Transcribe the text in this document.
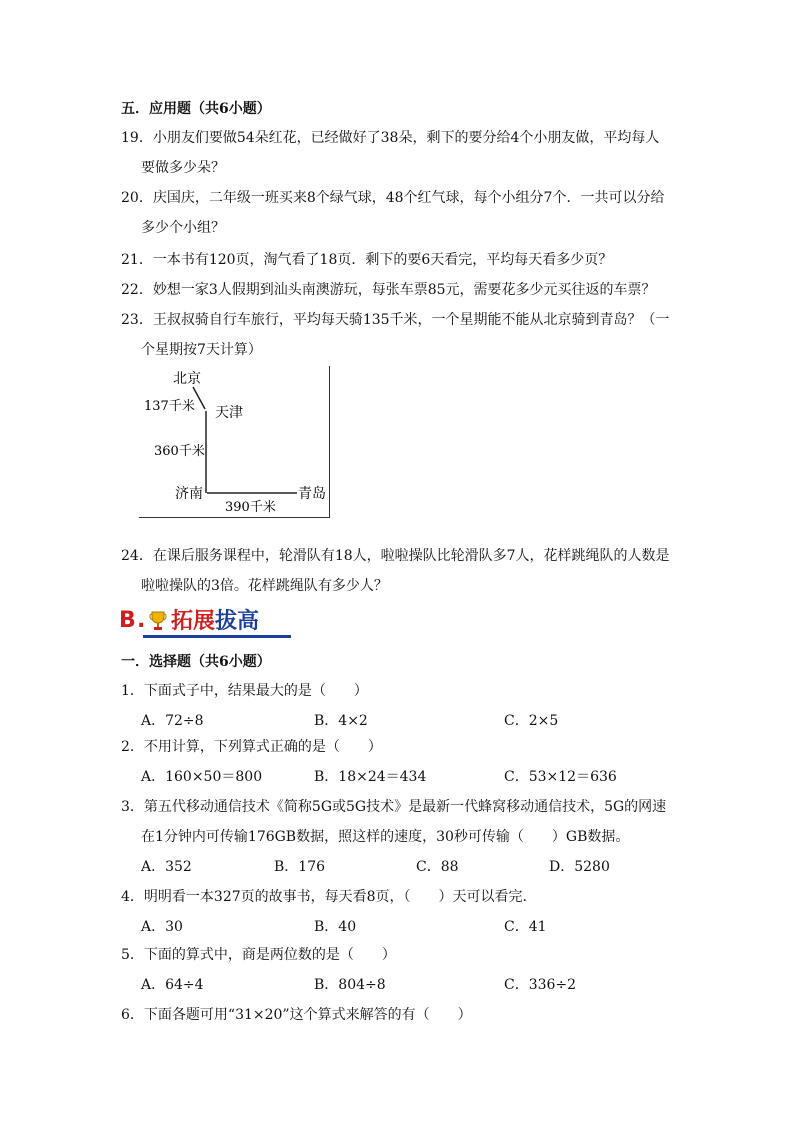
五．应用题（共6小题）
19．小朋友们要做54朵红花，已经做好了38朵，剩下的要分给4个小朋友做，平均每人
要做多少朵？
20．庆国庆，二年级一班买来8个绿气球，48个红气球，每个小组分7个．一共可以分给
多少个小组？
21．一本书有120页，淘气看了18页．剩下的要6天看完，平均每天看多少页？
22．妙想一家3人假期到汕头南澳游玩，每张车票85元，需要花多少元买往返的车票？
23．王叔叔骑自行车旅行，平均每天骑135千米，一个星期能不能从北京骑到青岛？（一
个星期按7天计算）
北京
天津
济南	青岛
137千米
360千米
390千米
24．在课后服务课程中，轮滑队有18人，啦啦操队比轮滑队多7人，花样跳绳队的人数是
啦啦操队的3倍。花样跳绳队有多少人？
B . 拓展拔高
一．选择题（共6小题）
1．下面式子中，结果最大的是（　　）
A．72÷8	B．4×2	C．2×5
2．不用计算，下列算式正确的是（　　）
A．160×50＝800	B．18×24＝434	C．53×12＝636
3．第五代移动通信技术《简称5G或5G技术》是最新一代蜂窝移动通信技术，5G的网速
在1分钟内可传输176GB数据，照这样的速度，30秒可传输（　　）GB数据。
A．352	B．176	C．88	D．5280
4．明明看一本327页的故事书，每天看8页，（　　）天可以看完．
A．30	B．40	C．41
5．下面的算式中，商是两位数的是（　　）
A．64÷4	B．804÷8	C．336÷2
6．下面各题可用“31×20”这个算式来解答的有（　　）
